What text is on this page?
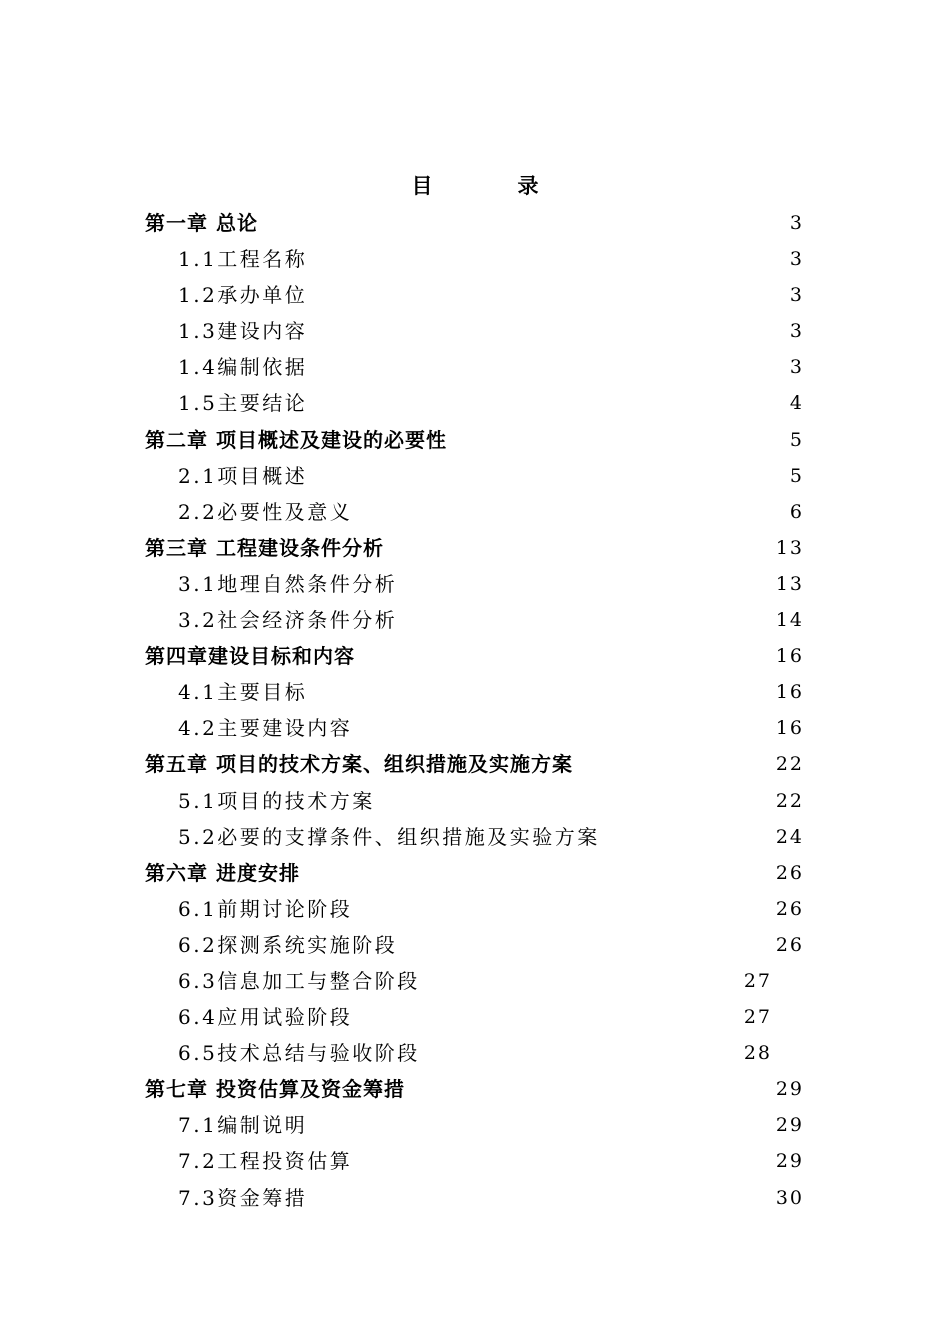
目　录
第一章 总论	3
1.1工程名称	3
1.2承办单位	3
1.3建设内容	3
1.4编制依据	3
1.5主要结论	4
第二章 项目概述及建设的必要性	5
2.1项目概述	5
2.2必要性及意义	6
第三章 工程建设条件分析	13
3.1地理自然条件分析	13
3.2社会经济条件分析	14
第四章建设目标和内容	16
4.1主要目标	16
4.2主要建设内容	16
第五章 项目的技术方案、组织措施及实施方案	22
5.1项目的技术方案	22
5.2必要的支撑条件、组织措施及实验方案	24
第六章 进度安排	26
6.1前期讨论阶段	26
6.2探测系统实施阶段	26
6.3信息加工与整合阶段	27
6.4应用试验阶段	27
6.5技术总结与验收阶段	28
第七章 投资估算及资金筹措	29
7.1编制说明	29
7.2工程投资估算	29
7.3资金筹措	30
